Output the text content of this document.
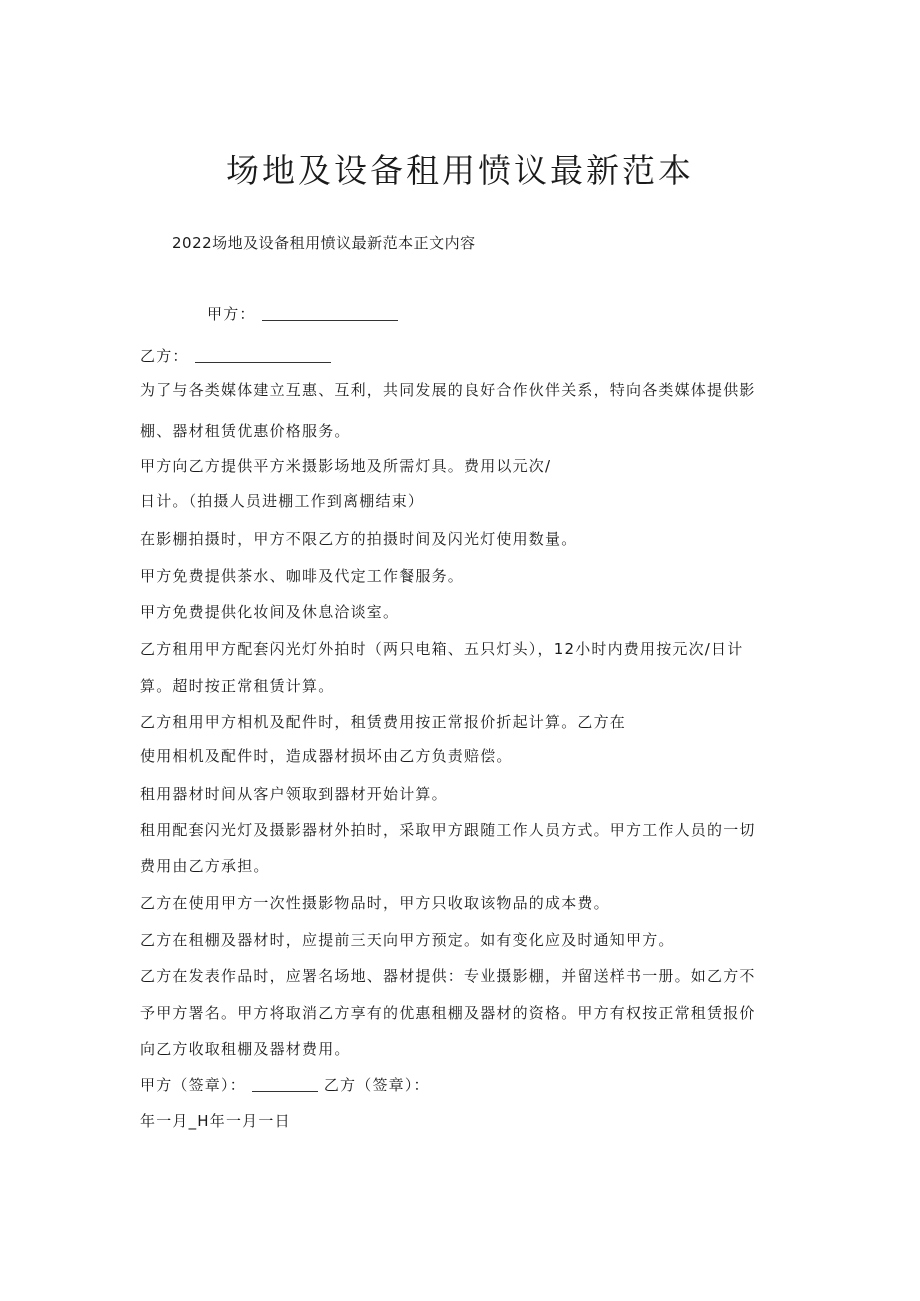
场地及设备租用愤议最新范本
2022场地及设备租用愤议最新范本正文内容
甲方：
乙方：
为了与各类媒体建立互惠、互利，共同发展的良好合作伙伴关系，特向各类媒体提供影
棚、器材租赁优惠价格服务。
甲方向乙方提供平方米摄影场地及所需灯具。费用以元次/
日计。（拍摄人员进棚工作到离棚结束）
在影棚拍摄时，甲方不限乙方的拍摄时间及闪光灯使用数量。
甲方免费提供茶水、咖啡及代定工作餐服务。
甲方免费提供化妆间及休息洽谈室。
乙方租用甲方配套闪光灯外拍时（两只电箱、五只灯头），12小时内费用按元次/日计
算。超时按正常租赁计算。
乙方租用甲方相机及配件时，租赁费用按正常报价折起计算。乙方在
使用相机及配件时，造成器材损坏由乙方负责赔偿。
租用器材时间从客户领取到器材开始计算。
租用配套闪光灯及摄影器材外拍时，采取甲方跟随工作人员方式。甲方工作人员的一切
费用由乙方承担。
乙方在使用甲方一次性摄影物品时，甲方只收取该物品的成本费。
乙方在租棚及器材时，应提前三天向甲方预定。如有变化应及时通知甲方。
乙方在发表作品时，应署名场地、器材提供：专业摄影棚，并留送样书一册。如乙方不
予甲方署名。甲方将取消乙方享有的优惠租棚及器材的资格。甲方有权按正常租赁报价
向乙方收取租棚及器材费用。
甲方（签章）：	乙方（签章）：
年一月_H年一月一日
